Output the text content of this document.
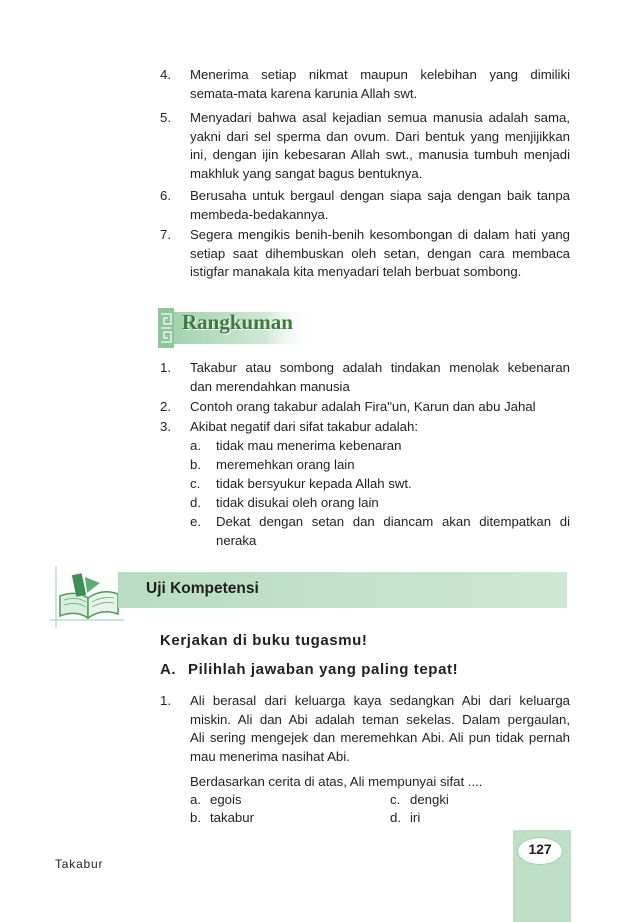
4.	Menerima setiap nikmat maupun kelebihan yang dimiliki
semata-mata karena karunia Allah swt.
5.	Menyadari bahwa asal kejadian semua manusia adalah sama,
yakni dari sel sperma dan ovum. Dari bentuk yang menjijikkan
ini, dengan ijin kebesaran Allah swt., manusia tumbuh menjadi
makhluk yang sangat bagus bentuknya.
6.	Berusaha untuk bergaul dengan siapa saja dengan baik tanpa
membeda-bedakannya.
7.	Segera mengikis benih-benih kesombongan di dalam hati yang
setiap saat dihembuskan oleh setan, dengan cara membaca
istigfar manakala kita menyadari telah berbuat sombong.
Rangkuman
1.	Takabur atau sombong adalah tindakan menolak kebenaran
dan merendahkan manusia
2.	Contoh orang takabur adalah Fira"un, Karun dan abu Jahal
3.	Akibat negatif dari sifat takabur adalah:
a.	tidak mau menerima kebenaran
b.	meremehkan orang lain
c.	tidak bersyukur kepada Allah swt.
d.	tidak disukai oleh orang lain
e.	Dekat dengan setan dan diancam akan ditempatkan di
neraka
Uji Kompetensi
Kerjakan di buku tugasmu!
A. Pilihlah jawaban yang paling tepat!
1.	Ali berasal dari keluarga kaya sedangkan Abi dari keluarga
miskin. Ali dan Abi adalah teman sekelas. Dalam pergaulan,
Ali sering mengejek dan meremehkan Abi. Ali pun tidak pernah
mau menerima nasihat Abi.
Berdasarkan cerita di atas, Ali mempunyai sifat ....
a. egois	c. dengki
b. takabur	d. iri
Takabur
127
